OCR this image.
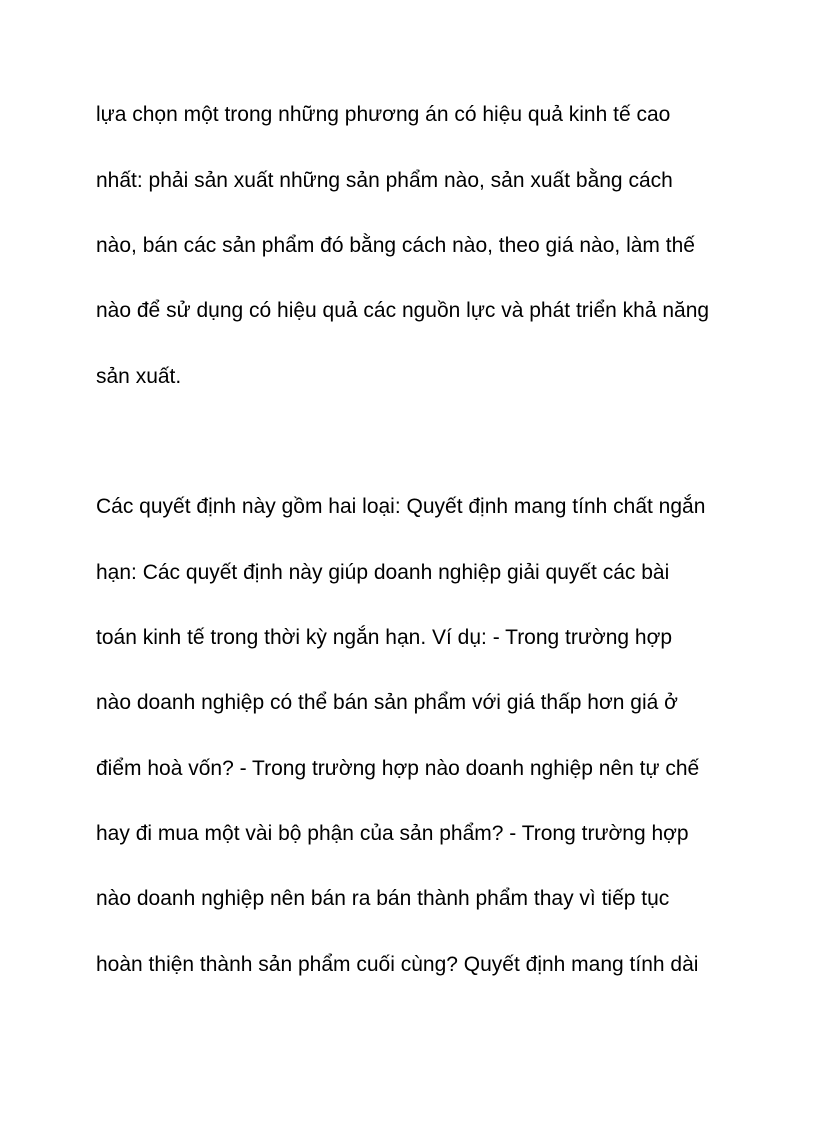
lựa chọn một trong những phương án có hiệu quả kinh tế cao
nhất: phải sản xuất những sản phẩm nào, sản xuất bằng cách
nào, bán các sản phẩm đó bằng cách nào, theo giá nào, làm thế
nào để sử dụng có hiệu quả các nguồn lực và phát triển khả năng
sản xuất.
Các quyết định này gồm hai loại: Quyết định mang tính chất ngắn
hạn: Các quyết định này giúp doanh nghiệp giải quyết các bài
toán kinh tế trong thời kỳ ngắn hạn. Ví dụ: - Trong trường hợp
nào doanh nghiệp có thể bán sản phẩm với giá thấp hơn giá ở
điểm hoà vốn? - Trong trường hợp nào doanh nghiệp nên tự chế
hay đi mua một vài bộ phận của sản phẩm? - Trong trường hợp
nào doanh nghiệp nên bán ra bán thành phẩm thay vì tiếp tục
hoàn thiện thành sản phẩm cuối cùng? Quyết định mang tính dài
